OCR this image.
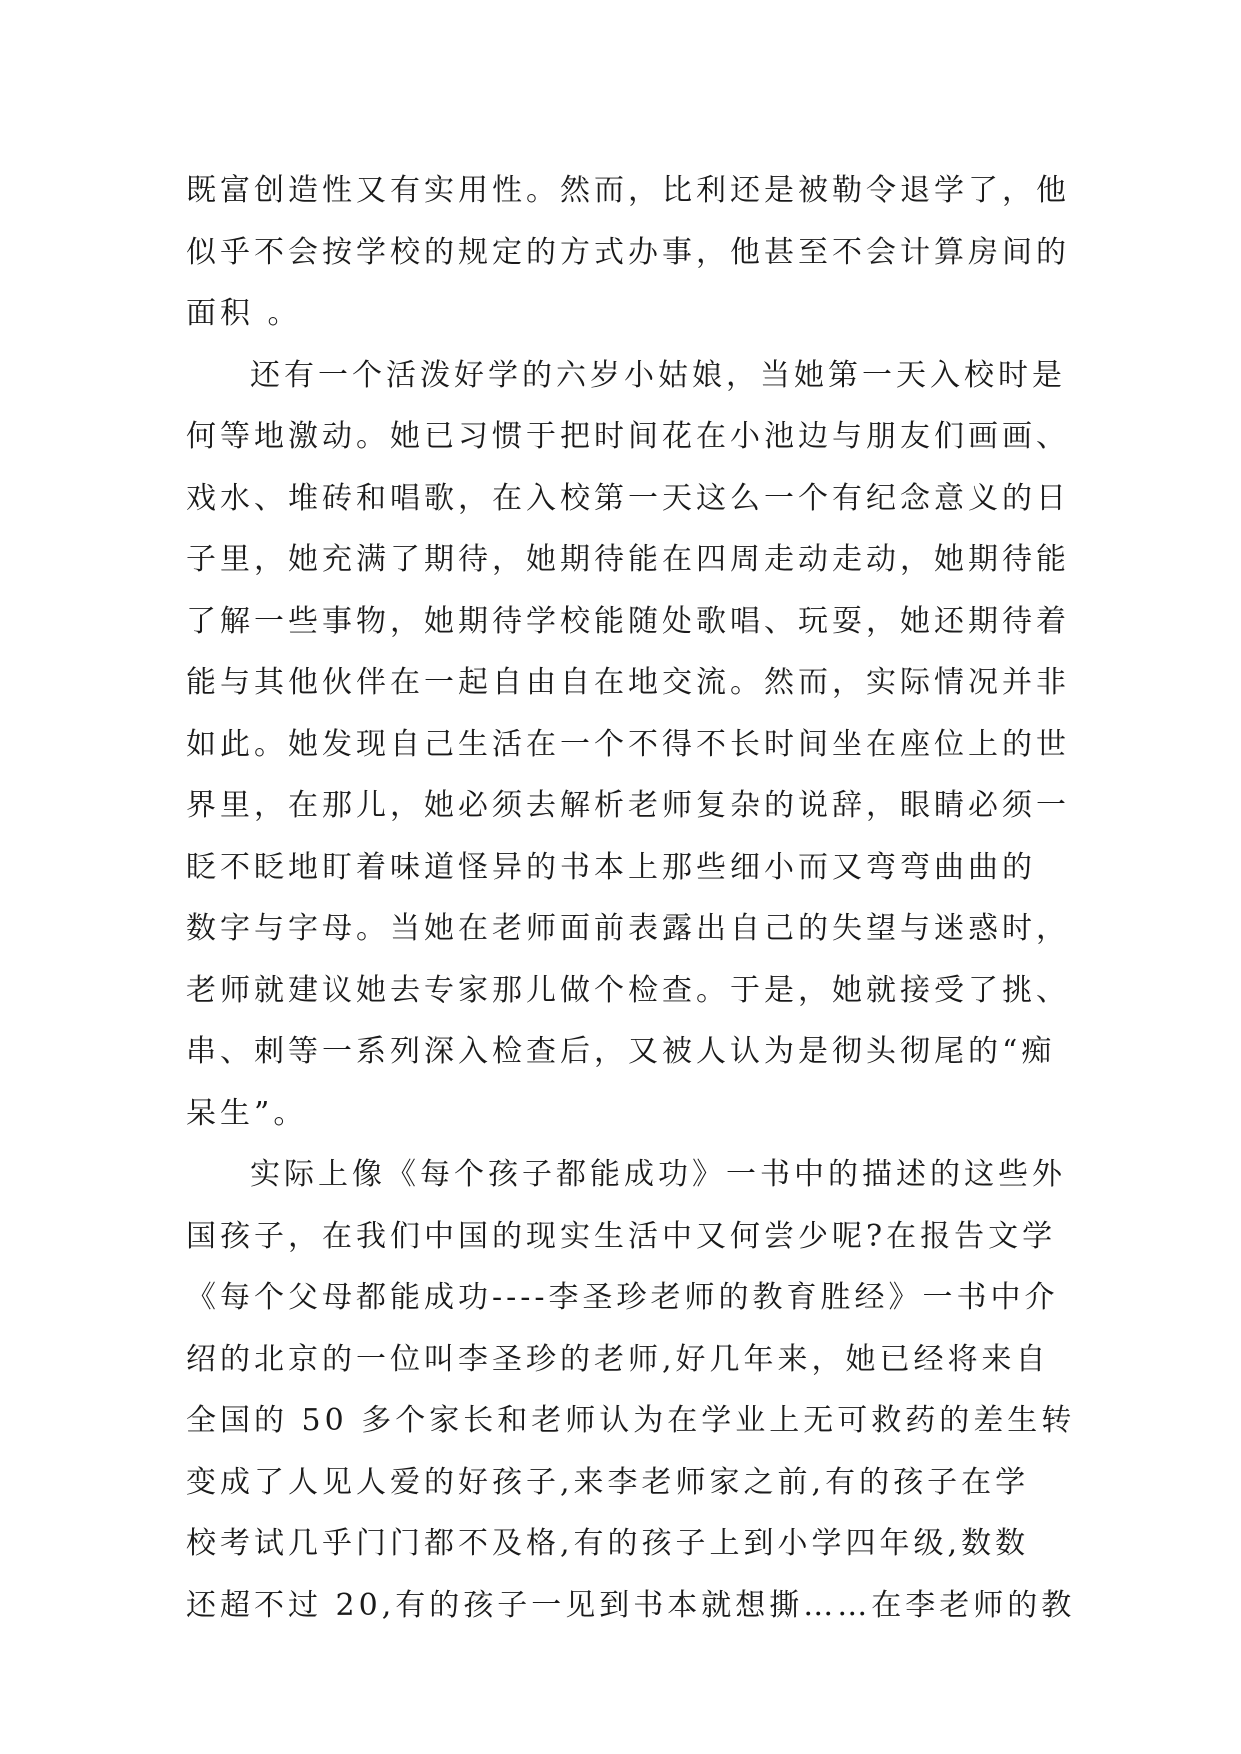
既富创造性又有实用性。然而，比利还是被勒令退学了，他
似乎不会按学校的规定的方式办事，他甚至不会计算房间的
面积 。
还有一个活泼好学的六岁小姑娘，当她第一天入校时是
何等地激动。她已习惯于把时间花在小池边与朋友们画画、
戏水、堆砖和唱歌，在入校第一天这么一个有纪念意义的日
子里，她充满了期待，她期待能在四周走动走动，她期待能
了解一些事物，她期待学校能随处歌唱、玩耍，她还期待着
能与其他伙伴在一起自由自在地交流。然而，实际情况并非
如此。她发现自己生活在一个不得不长时间坐在座位上的世
界里，在那儿，她必须去解析老师复杂的说辞，眼睛必须一
眨不眨地盯着味道怪异的书本上那些细小而又弯弯曲曲的
数字与字母。当她在老师面前表露出自己的失望与迷惑时，
老师就建议她去专家那儿做个检查。于是，她就接受了挑、
串、刺等一系列深入检查后，又被人认为是彻头彻尾的“痴
呆生”。
实际上像《每个孩子都能成功》一书中的描述的这些外
国孩子，在我们中国的现实生活中又何尝少呢?在报告文学
《每个父母都能成功----李圣珍老师的教育胜经》一书中介
绍的北京的一位叫李圣珍的老师,好几年来，她已经将来自
全国的 50 多个家长和老师认为在学业上无可救药的差生转
变成了人见人爱的好孩子,来李老师家之前,有的孩子在学
校考试几乎门门都不及格,有的孩子上到小学四年级,数数
还超不过 20,有的孩子一见到书本就想撕……在李老师的教
